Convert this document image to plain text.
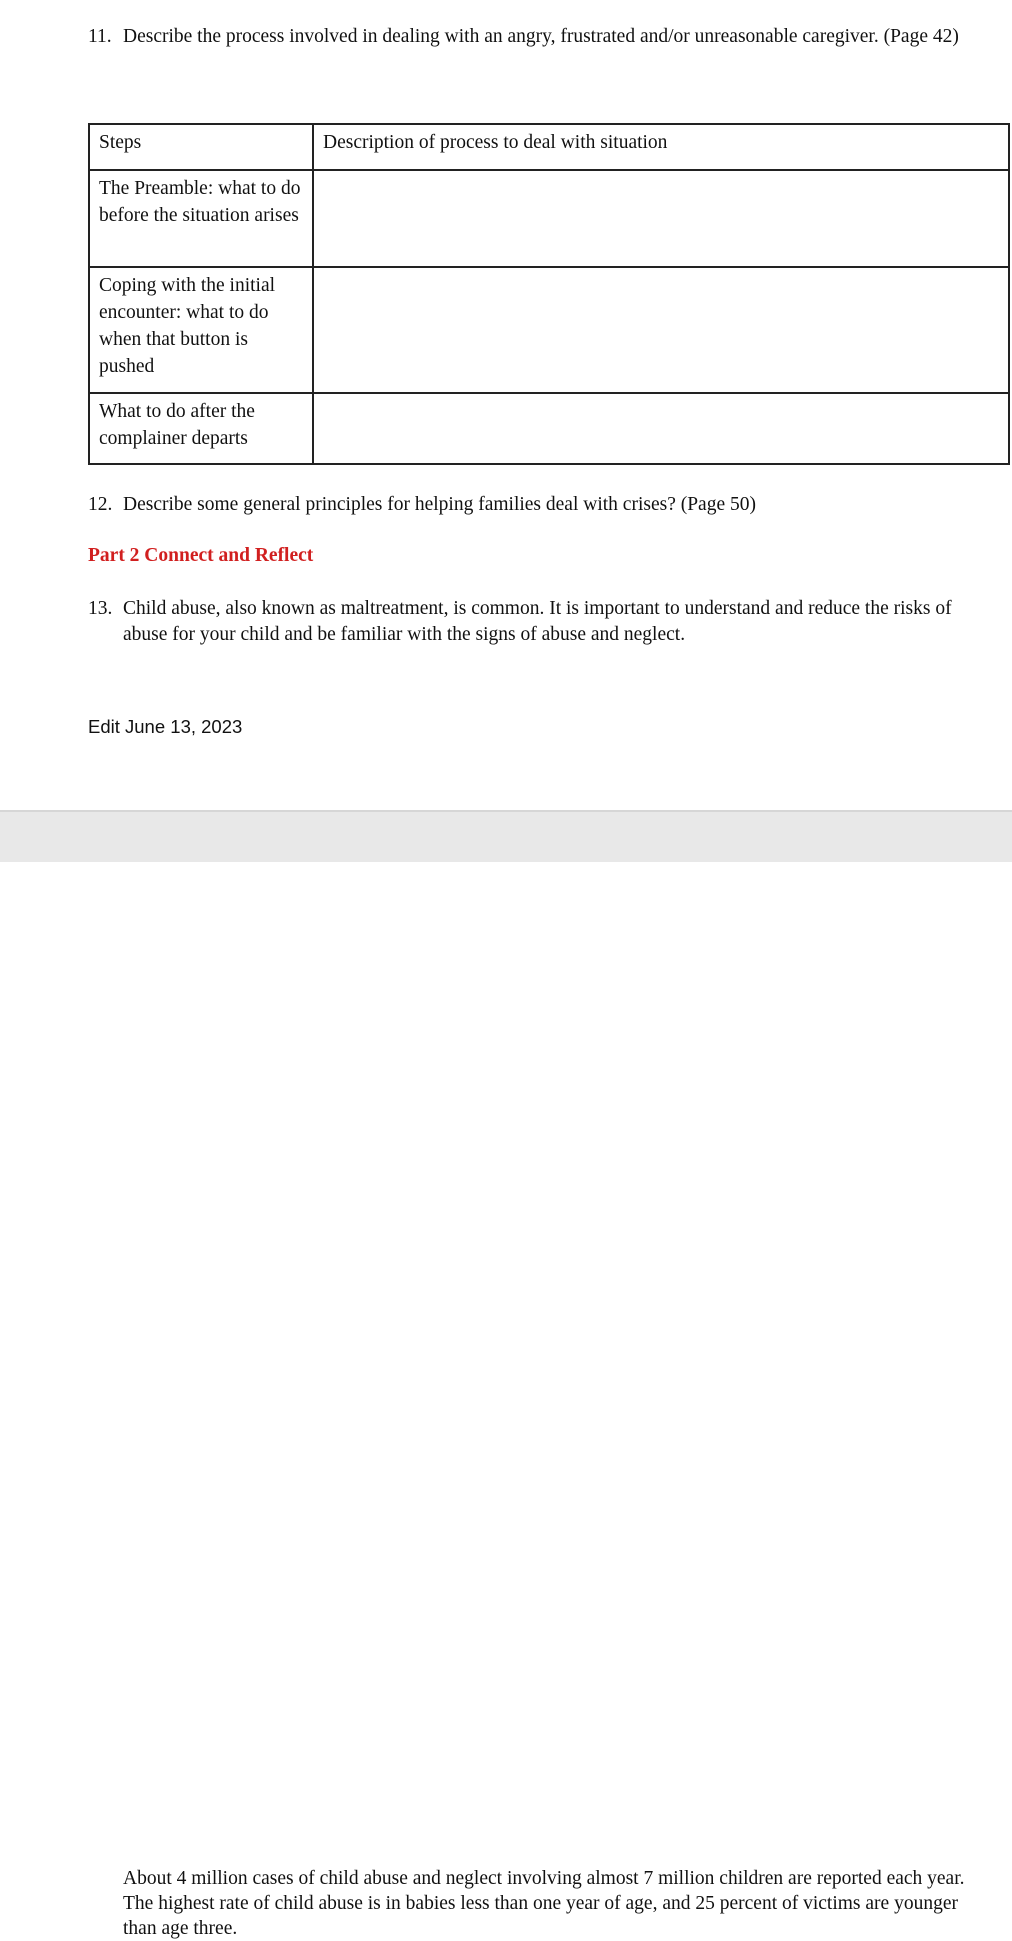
11. Describe the process involved in dealing with an angry, frustrated and/or unreasonable caregiver. (Page 42)
Steps	Description of process to deal with situation
The Preamble: what to do before the situation arises	
Coping with the initial encounter: what to do when that button is pushed	
What to do after the complainer departs	
12. Describe some general principles for helping families deal with crises? (Page 50)
Part 2 Connect and Reflect
13. Child abuse, also known as maltreatment, is common. It is important to understand and reduce the risks of abuse for your child and be familiar with the signs of abuse and neglect.
Edit June 13, 2023
About 4 million cases of child abuse and neglect involving almost 7 million children are reported each year. The highest rate of child abuse is in babies less than one year of age, and 25 percent of victims are younger than age three.
